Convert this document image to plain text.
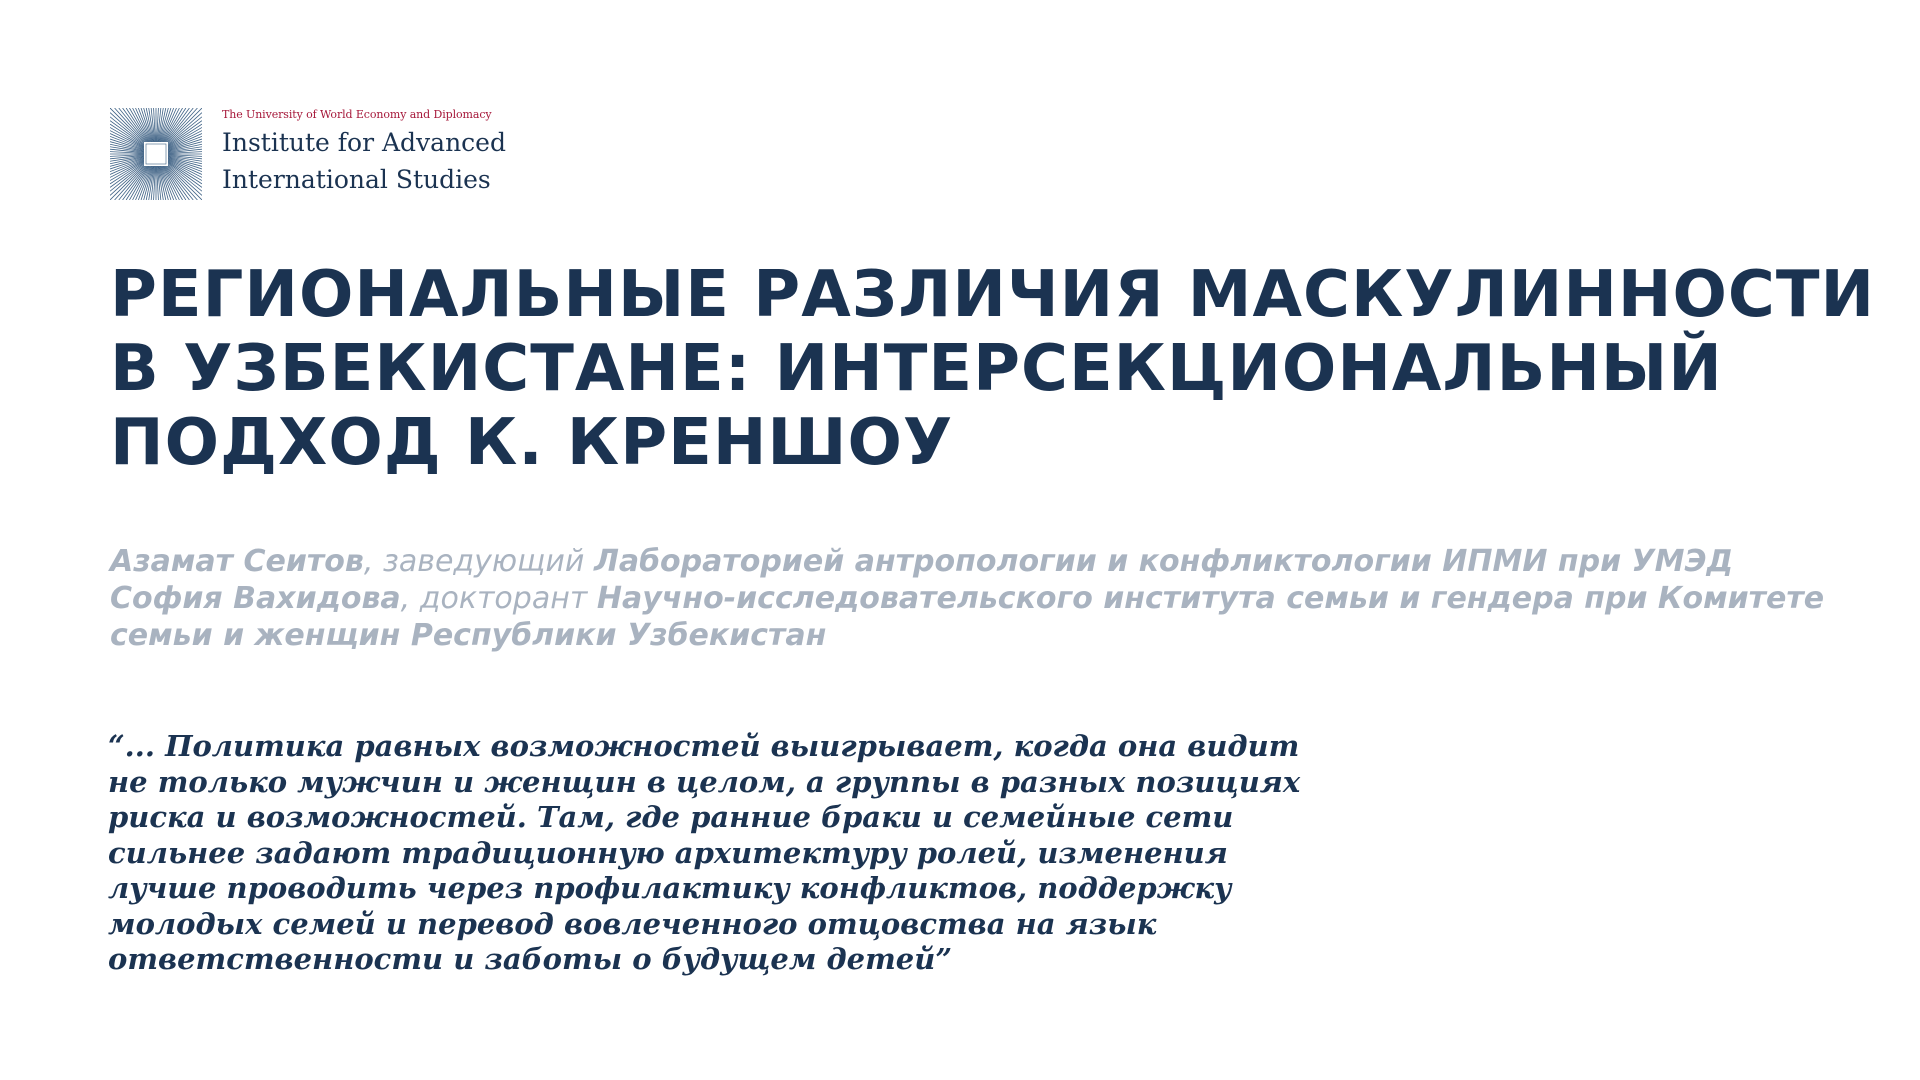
The University of World Economy and Diplomacy
Institute for Advanced
International Studies
РЕГИОНАЛЬНЫЕ РАЗЛИЧИЯ МАСКУЛИННОСТИ
В УЗБЕКИСТАНЕ: ИНТЕРСЕКЦИОНАЛЬНЫЙ
ПОДХОД К. КРЕНШОУ
Азамат Сеитов, заведующий Лабораторией антропологии и конфликтологии ИПМИ при УМЭД
София Вахидова, докторант Научно-исследовательского института семьи и гендера при Комитете
семьи и женщин Республики Узбекистан
“... Политика равных возможностей выигрывает, когда она видит
не только мужчин и женщин в целом, а группы в разных позициях
риска и возможностей. Там, где ранние браки и семейные сети
сильнее задают традиционную архитектуру ролей, изменения
лучше проводить через профилактику конфликтов, поддержку
молодых семей и перевод вовлеченного отцовства на язык
ответственности и заботы о будущем детей”
